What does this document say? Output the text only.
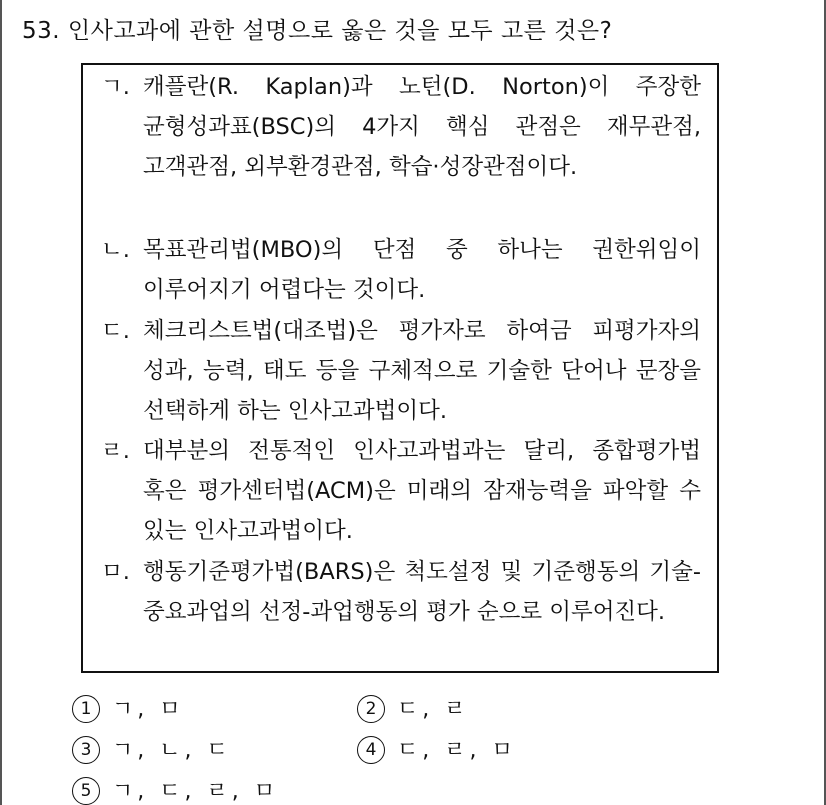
53. 인사고과에 관한 설명으로 옳은 것을 모두 고른 것은?
ㄱ. 캐플란(R. Kaplan)과 노턴(D. Norton)이 주장한 균형성과표(BSC)의 4가지 핵심 관점은 재무관점, 고객관점, 외부환경관점, 학습·성장관점이다.
ㄴ. 목표관리법(MBO)의 단점 중 하나는 권한위임이 이루어지기 어렵다는 것이다.
ㄷ. 체크리스트법(대조법)은 평가자로 하여금 피평가자의 성과, 능력, 태도 등을 구체적으로 기술한 단어나 문장을 선택하게 하는 인사고과법이다.
ㄹ. 대부분의 전통적인 인사고과법과는 달리, 종합평가법 혹은 평가센터법(ACM)은 미래의 잠재능력을 파악할 수 있는 인사고과법이다.
ㅁ. 행동기준평가법(BARS)은 척도설정 및 기준행동의 기술-중요과업의 선정-과업행동의 평가 순으로 이루어진다.
1 ㄱ, ㅁ	2 ㄷ, ㄹ
3 ㄱ, ㄴ, ㄷ	4 ㄷ, ㄹ, ㅁ
5 ㄱ, ㄷ, ㄹ, ㅁ
